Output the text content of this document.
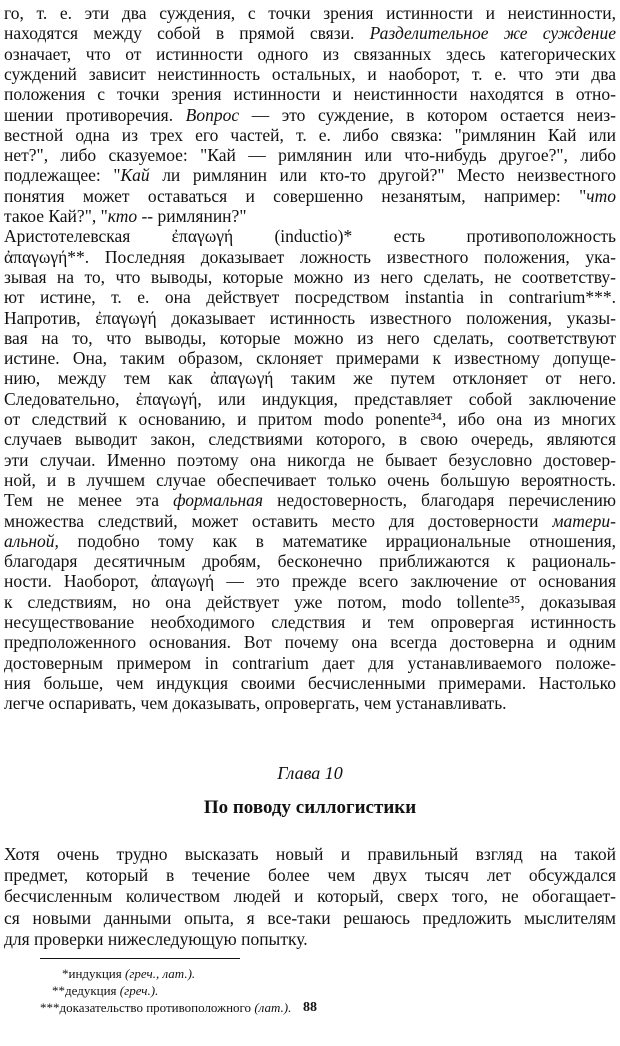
го, т. е. эти два суждения, с точки зрения истинности и неистинности,
находятся между собой в прямой связи. Разделительное же суждение
означает, что от истинности одного из связанных здесь категорических
суждений зависит неистинность остальных, и наоборот, т. е. что эти два
положения с точки зрения истинности и неистинности находятся в отно-
шении противоречия. Вопрос — это суждение, в котором остается неиз-
вестной одна из трех его частей, т. е. либо связка: "римлянин Кай или
нет?", либо сказуемое: "Кай — римлянин или что-нибудь другое?", либо
подлежащее: "Кай ли римлянин или кто-то другой?" Место неизвестного
понятия может оставаться и совершенно незанятым, например: "что
такое Кай?", "кто -- римлянин?"
Аристотелевская ἐπαγωγή (inductio)* есть противоположность
ἀπαγωγή**. Последняя доказывает ложность известного положения, ука-
зывая на то, что выводы, которые можно из него сделать, не соответству-
ют истине, т. е. она действует посредством instantia in contrarium***.
Напротив, ἐπαγωγή доказывает истинность известного положения, указы-
вая на то, что выводы, которые можно из него сделать, соответствуют
истине. Она, таким образом, склоняет примерами к известному допуще-
нию, между тем как ἀπαγωγή таким же путем отклоняет от него.
Следовательно, ἐπαγωγή, или индукция, представляет собой заключение
от следствий к основанию, и притом modo ponente³⁴, ибо она из многих
случаев выводит закон, следствиями которого, в свою очередь, являются
эти случаи. Именно поэтому она никогда не бывает безусловно достовер-
ной, и в лучшем случае обеспечивает только очень большую вероятность.
Тем не менее эта формальная недостоверность, благодаря перечислению
множества следствий, может оставить место для достоверности матери-
альной, подобно тому как в математике иррациональные отношения,
благодаря десятичным дробям, бесконечно приближаются к рациональ-
ности. Наоборот, ἀπαγωγή — это прежде всего заключение от основания
к следствиям, но она действует уже потом, modo tollente³⁵, доказывая
несуществование необходимого следствия и тем опровергая истинность
предположенного основания. Вот почему она всегда достоверна и одним
достоверным примером in contrarium дает для устанавливаемого положе-
ния больше, чем индукция своими бесчисленными примерами. Настолько
легче оспаривать, чем доказывать, опровергать, чем устанавливать.
Глава 10
По поводу силлогистики
Хотя очень трудно высказать новый и правильный взгляд на такой
предмет, который в течение более чем двух тысяч лет обсуждался
бесчисленным количеством людей и который, сверх того, не обогащает-
ся новыми данными опыта, я все-таки решаюсь предложить мыслителям
для проверки нижеследующую попытку.
*индукция (греч., лат.).
**дедукция (греч.).
***доказательство противоположного (лат.). 88
